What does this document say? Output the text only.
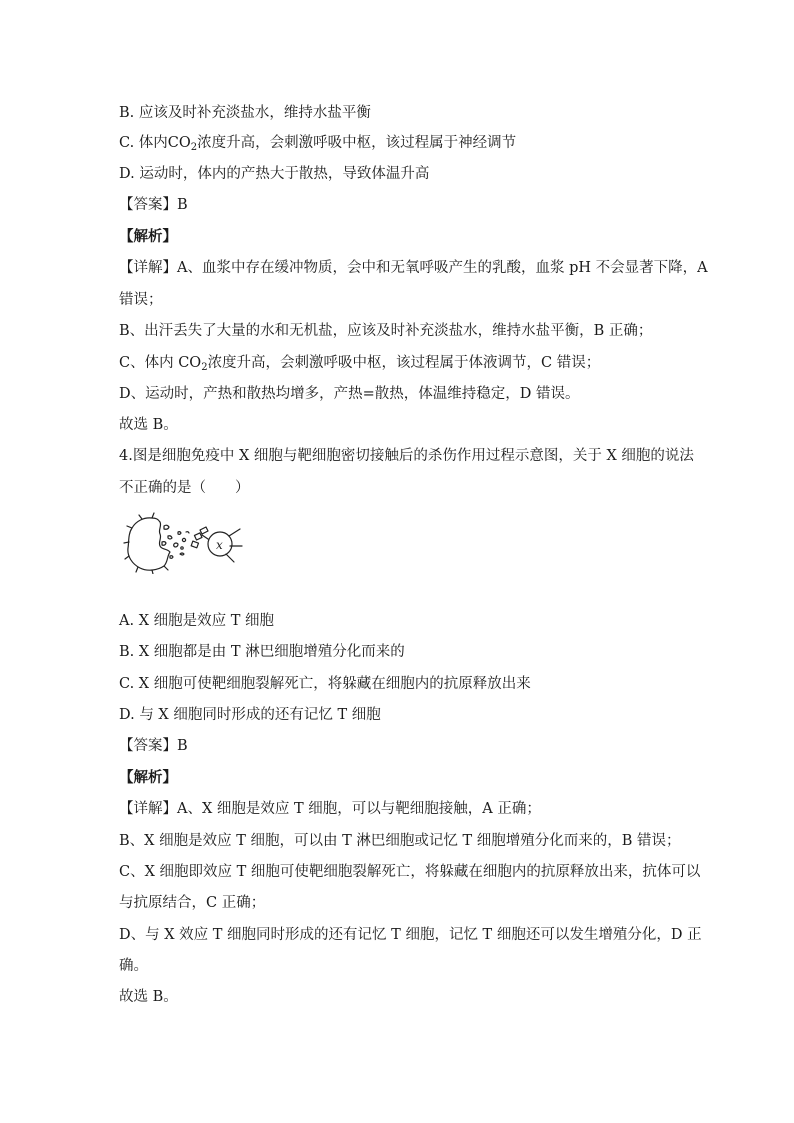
B. 应该及时补充淡盐水，维持水盐平衡

C. 体内$CO_2$浓度升高，会刺激呼吸中枢，该过程属于神经调节

D. 运动时，体内的产热大于散热，导致体温升高

【答案】B

【解析】

【详解】A、血浆中存在缓冲物质，会中和无氧呼吸产生的乳酸，血浆 pH 不会显著下降，A

错误；

B、出汗丢失了大量的水和无机盐，应该及时补充淡盐水，维持水盐平衡，B 正确；

C、体内 $CO_2$浓度升高，会刺激呼吸中枢，该过程属于体液调节，C 错误；

D、运动时，产热和散热均增多，产热=散热，体温维持稳定，D 错误。

故选 B。

4.图是细胞免疫中 X 细胞与靶细胞密切接触后的杀伤作用过程示意图，关于 X 细胞的说法

不正确的是（　　）

x

A. X 细胞是效应 T 细胞

B. X 细胞都是由 T 淋巴细胞增殖分化而来的

C. X 细胞可使靶细胞裂解死亡，将躲藏在细胞内的抗原释放出来

D. 与 X 细胞同时形成的还有记忆 T 细胞

【答案】B

【解析】

【详解】A、X 细胞是效应 T 细胞，可以与靶细胞接触，A 正确；

B、X 细胞是效应 T 细胞，可以由 T 淋巴细胞或记忆 T 细胞增殖分化而来的，B 错误；

C、X 细胞即效应 T 细胞可使靶细胞裂解死亡，将躲藏在细胞内的抗原释放出来，抗体可以

与抗原结合，C 正确；

D、与 X 效应 T 细胞同时形成的还有记忆 T 细胞，记忆 T 细胞还可以发生增殖分化，D 正

确。

故选 B。
